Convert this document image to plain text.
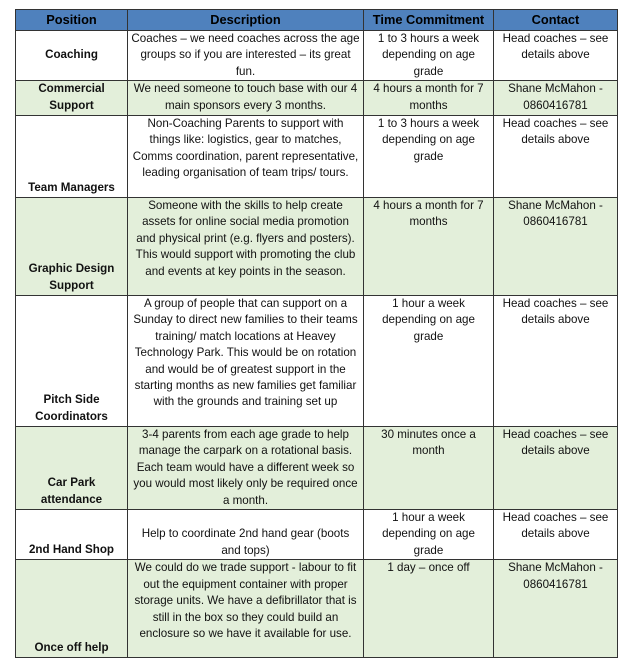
Position	Description	Time Commitment	Contact
Coaching	Coaches – we need coaches across the age groups so if you are interested – its great fun.	1 to 3 hours a week depending on age grade	Head coaches – see details above
Commercial Support	We need someone to touch base with our 4 main sponsors every 3 months.	4 hours a month for 7 months	Shane McMahon - 0860416781
Team Managers	Non-Coaching Parents to support with things like: logistics, gear to matches, Comms coordination, parent representative, leading organisation of team trips/ tours.	1 to 3 hours a week depending on age grade	Head coaches – see details above
Graphic Design Support	Someone with the skills to help create assets for online social media promotion and physical print (e.g. flyers and posters). This would support with promoting the club and events at key points in the season.	4 hours a month for 7 months	Shane McMahon - 0860416781
Pitch Side Coordinators	A group of people that can support on a Sunday to direct new families to their teams training/ match locations at Heavey Technology Park. This would be on rotation and would be of greatest support in the starting months as new families get familiar with the grounds and training set up	1 hour a week depending on age grade	Head coaches – see details above
Car Park attendance	3-4 parents from each age grade to help manage the carpark on a rotational basis. Each team would have a different week so you would most likely only be required once a month.	30 minutes once a month	Head coaches – see details above
2nd Hand Shop	Help to coordinate 2nd hand gear (boots and tops)	1 hour a week depending on age grade	Head coaches – see details above
Once off help	We could do we trade support - labour to fit out the equipment container with proper storage units. We have a defibrillator that is still in the box so they could build an enclosure so we have it available for use.	1 day – once off	Shane McMahon - 0860416781
